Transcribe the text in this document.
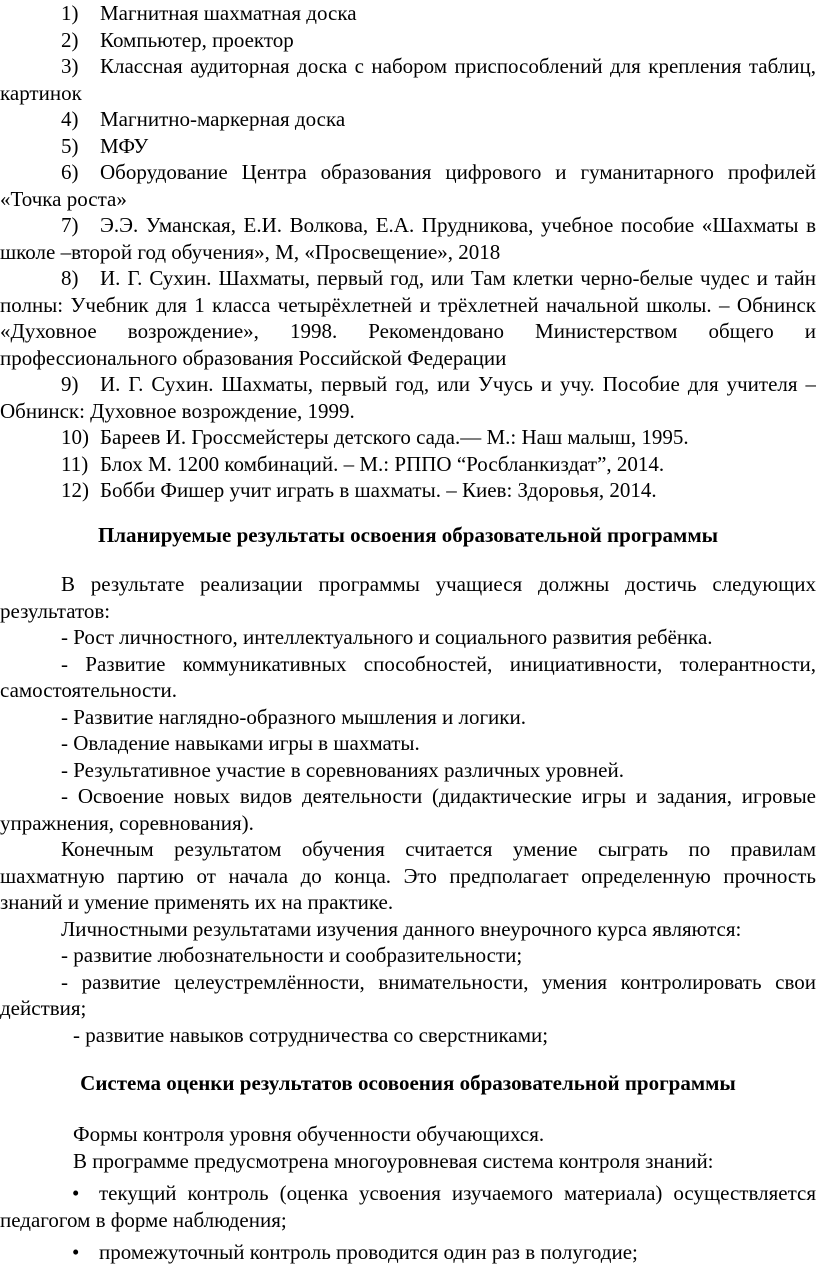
1)	Магнитная шахматная доска
2)	Компьютер, проектор
3)	Классная аудиторная доска с набором приспособлений для крепления таблиц, картинок
4)	Магнитно-маркерная доска
5)	МФУ
6)	Оборудование Центра образования цифрового и гуманитарного профилей «Точка роста»
7)	Э.Э. Уманская, Е.И. Волкова, Е.А. Прудникова, учебное пособие «Шахматы в школе –второй год обучения», М, «Просвещение», 2018
8)	И. Г. Сухин. Шахматы, первый год, или Там клетки черно-белые чудес и тайн полны: Учебник для 1 класса четырёхлетней и трёхлетней начальной школы. – Обнинск «Духовное возрождение», 1998. Рекомендовано Министерством общего и профессионального образования Российской Федерации
9)	И. Г. Сухин. Шахматы, первый год, или Учусь и учу. Пособие для учителя – Обнинск: Духовное возрождение, 1999.
10) Бареев И. Гроссмейстеры детского сада.— М.: Наш малыш, 1995.
11) Блох М. 1200 комбинаций. – М.: РППО “Росбланкиздат”, 2014.
12) Бобби Фишер учит играть в шахматы. – Киев: Здоровья, 2014.
Планируемые результаты освоения образовательной программы

В результате реализации программы учащиеся должны достичь следующих результатов:

- Рост личностного, интеллектуального и социального развития ребёнка.

- Развитие коммуникативных способностей, инициативности, толерантности, самостоятельности.

- Развитие наглядно-образного мышления и логики.

- Овладение навыками игры в шахматы.

- Результативное участие в соревнованиях различных уровней.

- Освоение новых видов деятельности (дидактические игры и задания, игровые упражнения, соревнования).

Конечным результатом обучения считается умение сыграть по правилам шахматную партию от начала до конца. Это предполагает определенную прочность знаний и умение применять их на практике.

Личностными результатами изучения данного внеурочного курса являются:

- развитие любознательности и сообразительности;

- развитие целеустремлённости, внимательности, умения контролировать свои действия;

- развитие навыков сотрудничества со сверстниками;

Система оценки результатов осовоения образовательной программы

Формы контроля уровня обученности обучающихся.

В программе предусмотрена многоуровневая система контроля знаний:

• текущий контроль (оценка усвоения изучаемого материала) осуществляется педагогом в форме наблюдения;
• промежуточный контроль проводится один раз в полугодие;
